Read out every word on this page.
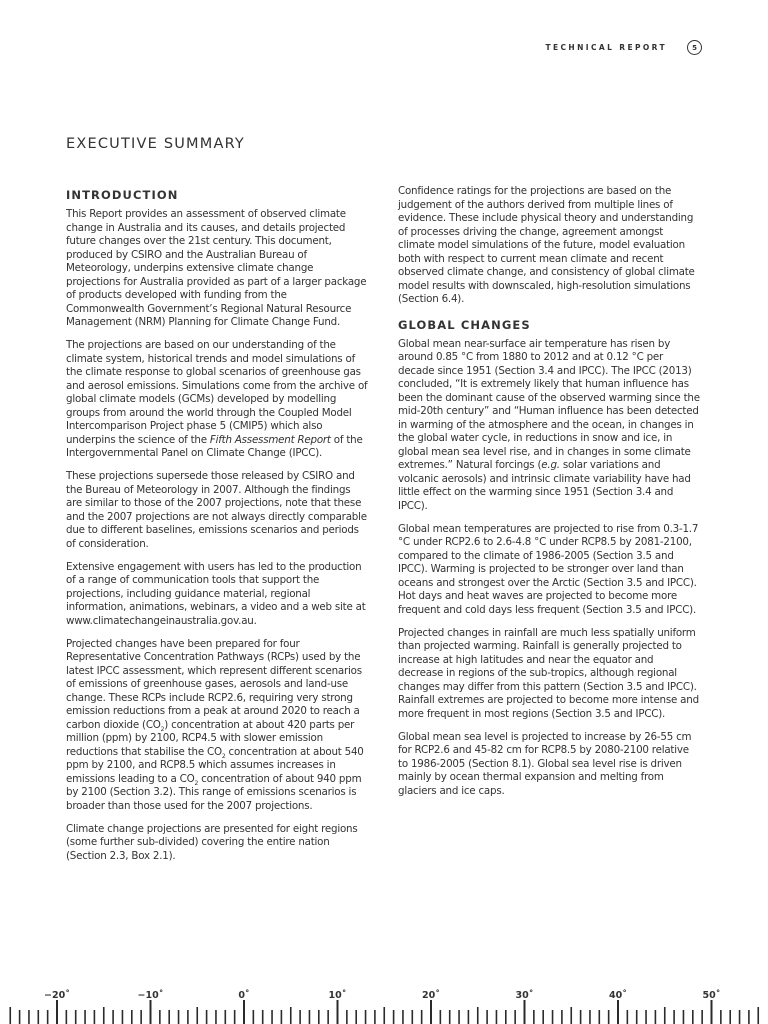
TECHNICAL REPORT	5
EXECUTIVE SUMMARY
INTRODUCTION

This Report provides an assessment of observed climate change in Australia and its causes, and details projected future changes over the 21st century. This document, produced by CSIRO and the Australian Bureau of Meteorology, underpins extensive climate change projections for Australia provided as part of a larger package of products developed with funding from the Commonwealth Government’s Regional Natural Resource Management (NRM) Planning for Climate Change Fund.

The projections are based on our understanding of the climate system, historical trends and model simulations of the climate response to global scenarios of greenhouse gas and aerosol emissions. Simulations come from the archive of global climate models (GCMs) developed by modelling groups from around the world through the Coupled Model Intercomparison Project phase 5 (CMIP5) which also underpins the science of the Fifth Assessment Report of the Intergovernmental Panel on Climate Change (IPCC).

These projections supersede those released by CSIRO and the Bureau of Meteorology in 2007. Although the findings are similar to those of the 2007 projections, note that these and the 2007 projections are not always directly comparable due to different baselines, emissions scenarios and periods of consideration.

Extensive engagement with users has led to the production of a range of communication tools that support the projections, including guidance material, regional information, animations, webinars, a video and a web site at www.climatechangeinaustralia.gov.au.

Projected changes have been prepared for four Representative Concentration Pathways (RCPs) used by the latest IPCC assessment, which represent different scenarios of emissions of greenhouse gases, aerosols and land-use change. These RCPs include RCP2.6, requiring very strong emission reductions from a peak at around 2020 to reach a carbon dioxide $(CO_2)$ concentration at about 420 parts per million (ppm) by 2100, RCP4.5 with slower emission reductions that stabilise the $CO_2$ concentration at about 540 ppm by 2100, and RCP8.5 which assumes increases in emissions leading to a $CO_2$ concentration of about 940 ppm by 2100 (Section 3.2). This range of emissions scenarios is broader than those used for the 2007 projections.

Climate change projections are presented for eight regions (some further sub-divided) covering the entire nation (Section 2.3, Box 2.1).

Confidence ratings for the projections are based on the judgement of the authors derived from multiple lines of evidence. These include physical theory and understanding of processes driving the change, agreement amongst climate model simulations of the future, model evaluation both with respect to current mean climate and recent observed climate change, and consistency of global climate model results with downscaled, high-resolution simulations (Section 6.4).

GLOBAL CHANGES

Global mean near-surface air temperature has risen by around 0.85 °C from 1880 to 2012 and at 0.12 °C per decade since 1951 (Section 3.4 and IPCC). The IPCC (2013) concluded, “It is extremely likely that human influence has been the dominant cause of the observed warming since the mid-20th century” and “Human influence has been detected in warming of the atmosphere and the ocean, in changes in the global water cycle, in reductions in snow and ice, in global mean sea level rise, and in changes in some climate extremes.” Natural forcings (e.g. solar variations and volcanic aerosols) and intrinsic climate variability have had little effect on the warming since 1951 (Section 3.4 and IPCC).

Global mean temperatures are projected to rise from 0.3-1.7 °C under RCP2.6 to 2.6-4.8 °C under RCP8.5 by 2081-2100, compared to the climate of 1986-2005 (Section 3.5 and IPCC). Warming is projected to be stronger over land than oceans and strongest over the Arctic (Section 3.5 and IPCC). Hot days and heat waves are projected to become more frequent and cold days less frequent (Section 3.5 and IPCC).

Projected changes in rainfall are much less spatially uniform than projected warming. Rainfall is generally projected to increase at high latitudes and near the equator and decrease in regions of the sub-tropics, although regional changes may differ from this pattern (Section 3.5 and IPCC). Rainfall extremes are projected to become more intense and more frequent in most regions (Section 3.5 and IPCC).

Global mean sea level is projected to increase by 26-55 cm for RCP2.6 and 45-82 cm for RCP8.5 by 2080-2100 relative to 1986-2005 (Section 8.1). Global sea level rise is driven mainly by ocean thermal expansion and melting from glaciers and ice caps.

−20˚	−10˚	0˚	10˚	20˚	30˚	40˚	50˚
